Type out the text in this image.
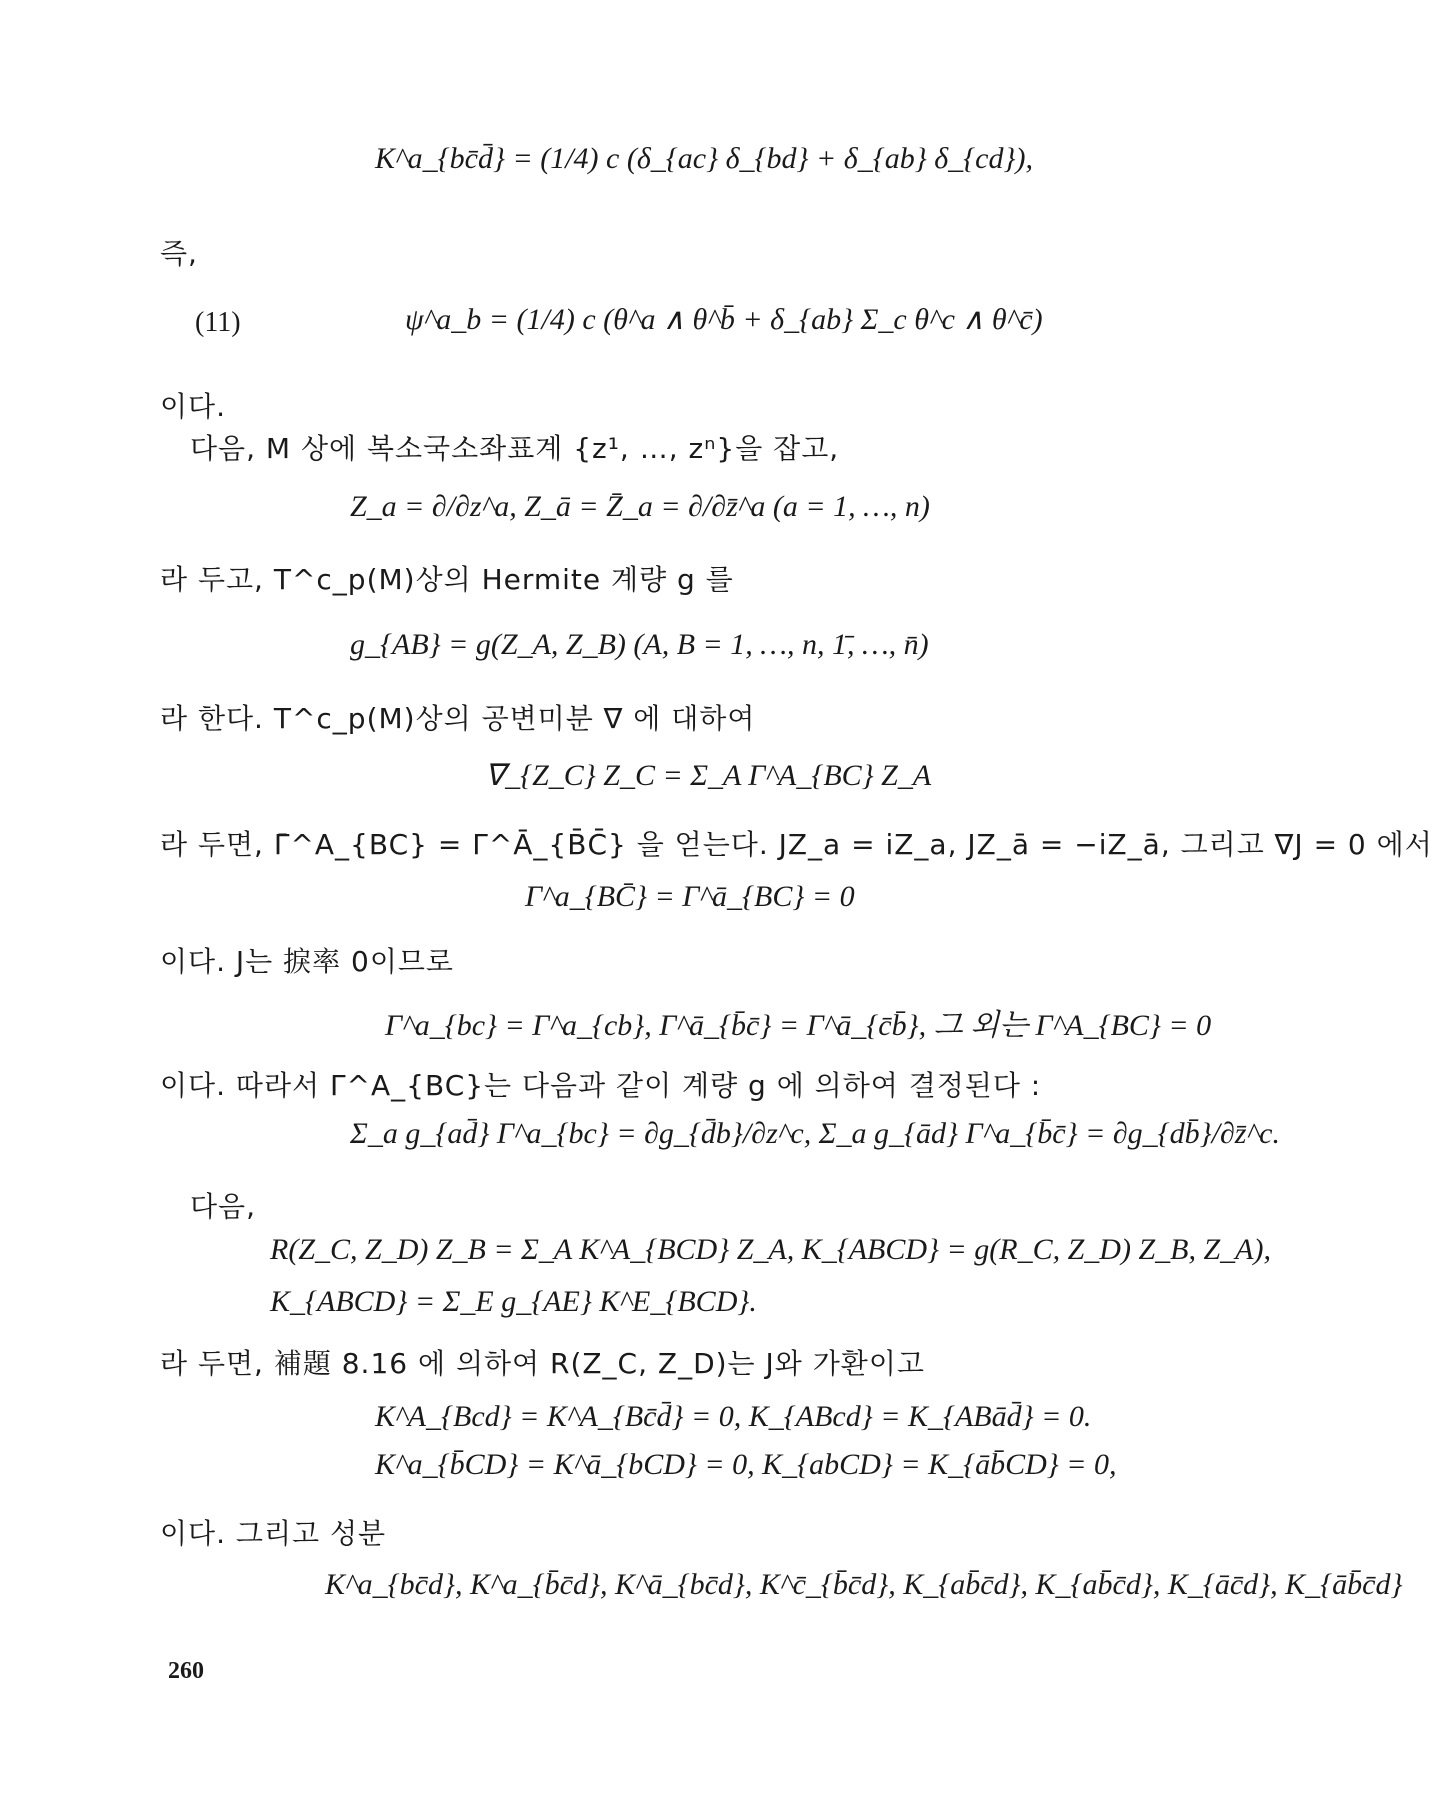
K^a_{bc̄d̄} = (1/4) c (δ_{ac} δ_{bd} + δ_{ab} δ_{cd}),
즉,
(11)	ψ^a_b = (1/4) c (θ^a ∧ θ^b̄ + δ_{ab} Σ_c θ^c ∧ θ^c̄)
이다.
다음, M 상에 복소국소좌표계 {z¹, …, zⁿ}을 잡고,
Z_a = ∂/∂z^a, Z_ā = Z̄_a = ∂/∂z̄^a (a = 1, …, n)
라 두고, T^c_p(M)상의 Hermite 계량 g 를
g_{AB} = g(Z_A, Z_B) (A, B = 1, …, n, 1̄, …, n̄)
라 한다. T^c_p(M)상의 공변미분 ∇ 에 대하여
∇_{Z_C} Z_C = Σ_A Γ^A_{BC} Z_A
라 두면, Γ̄^A_{BC} = Γ^Ā_{B̄C̄} 을 얻는다. JZ_a = iZ_a, JZ_ā = −iZ_ā, 그리고 ∇J = 0 에서
Γ^a_{BC̄} = Γ^ā_{BC} = 0
이다. J는 捩率 0이므로
Γ^a_{bc} = Γ^a_{cb}, Γ^ā_{b̄c̄} = Γ^ā_{c̄b̄}, 그 외는 Γ^A_{BC} = 0
이다. 따라서 Γ^A_{BC}는 다음과 같이 계량 g 에 의하여 결정된다 :
Σ_a g_{ad̄} Γ^a_{bc} = ∂g_{d̄b}/∂z^c, Σ_a g_{ād} Γ^a_{b̄c̄} = ∂g_{db̄}/∂z̄^c.
다음,
R(Z_C, Z_D) Z_B = Σ_A K^A_{BCD} Z_A, K_{ABCD} = g(R_C, Z_D) Z_B, Z_A),
K_{ABCD} = Σ_E g_{AE} K^E_{BCD}.
라 두면, 補題 8.16 에 의하여 R(Z_C, Z_D)는 J와 가환이고
K^A_{Bcd} = K^A_{Bc̄d̄} = 0, K_{ABcd} = K_{ABād̄} = 0.
K^a_{b̄CD} = K^ā_{bCD} = 0, K_{abCD} = K_{āb̄CD} = 0,
이다. 그리고 성분
K^a_{bc̄d}, K^a_{b̄c̄d}, K^ā_{bc̄d}, K^c̄_{b̄c̄d}, K_{ab̄c̄d}, K_{ab̄c̄d}, K_{āc̄d}, K_{āb̄c̄d}
260
